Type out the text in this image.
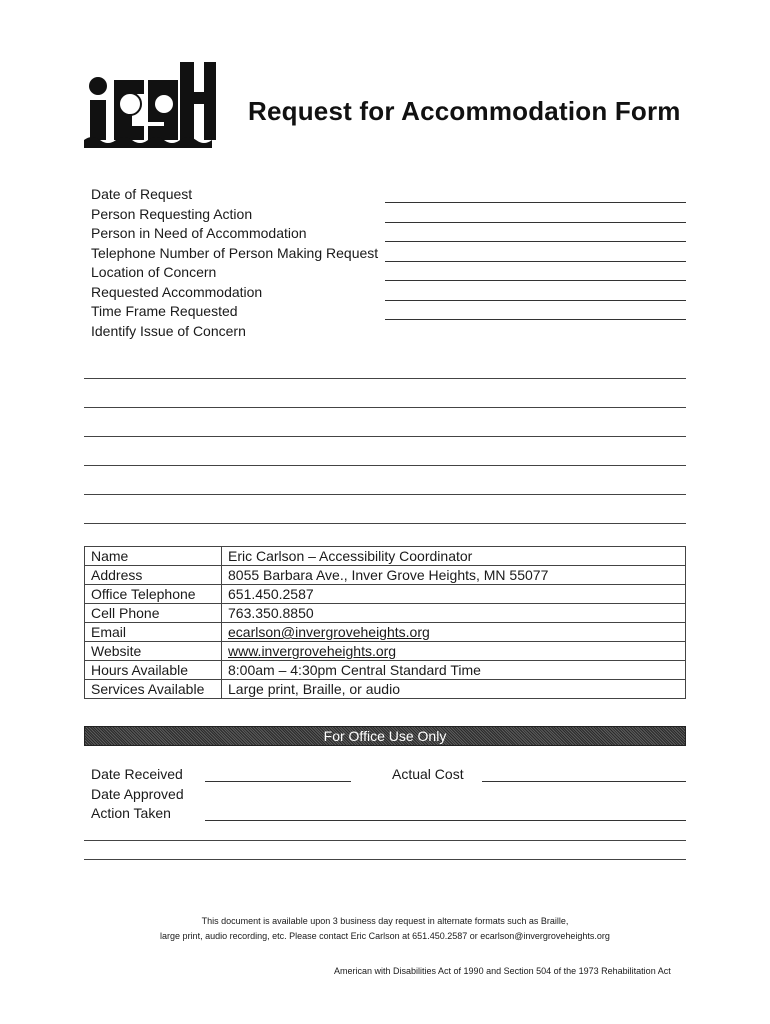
Request for Accommodation Form
Date of Request
Person Requesting Action
Person in Need of Accommodation
Telephone Number of Person Making Request
Location of Concern
Requested Accommodation
Time Frame Requested
Identify Issue of Concern
Name	Eric Carlson – Accessibility Coordinator
Address	8055 Barbara Ave., Inver Grove Heights, MN 55077
Office Telephone	651.450.2587
Cell Phone	763.350.8850
Email	ecarlson@invergroveheights.org
Website	www.invergroveheights.org
Hours Available	8:00am – 4:30pm Central Standard Time
Services Available	Large print, Braille, or audio
For Office Use Only
Date Received	Actual Cost
Date Approved
Action Taken
This document is available upon 3 business day request in alternate formats such as Braille,
large print, audio recording, etc. Please contact Eric Carlson at 651.450.2587 or ecarlson@invergroveheights.org
American with Disabilities Act of 1990 and Section 504 of the 1973 Rehabilitation Act
